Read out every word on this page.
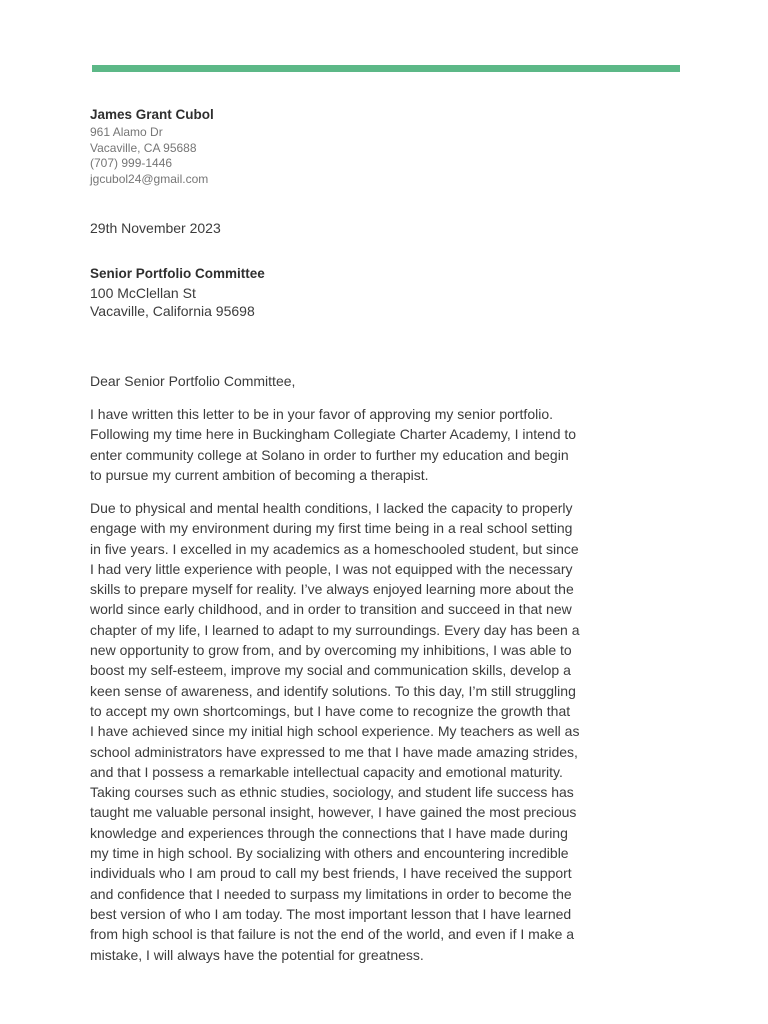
James Grant Cubol
961 Alamo Dr
Vacaville, CA 95688
(707) 999-1446
jgcubol24@gmail.com
29th November 2023
Senior Portfolio Committee
100 McClellan St
Vacaville, California 95698
Dear Senior Portfolio Committee,
I have written this letter to be in your favor of approving my senior portfolio.
Following my time here in Buckingham Collegiate Charter Academy, I intend to
enter community college at Solano in order to further my education and begin
to pursue my current ambition of becoming a therapist.
Due to physical and mental health conditions, I lacked the capacity to properly
engage with my environment during my first time being in a real school setting
in five years. I excelled in my academics as a homeschooled student, but since
I had very little experience with people, I was not equipped with the necessary
skills to prepare myself for reality. I’ve always enjoyed learning more about the
world since early childhood, and in order to transition and succeed in that new
chapter of my life, I learned to adapt to my surroundings. Every day has been a
new opportunity to grow from, and by overcoming my inhibitions, I was able to
boost my self-esteem, improve my social and communication skills, develop a
keen sense of awareness, and identify solutions. To this day, I’m still struggling
to accept my own shortcomings, but I have come to recognize the growth that
I have achieved since my initial high school experience. My teachers as well as
school administrators have expressed to me that I have made amazing strides,
and that I possess a remarkable intellectual capacity and emotional maturity.
Taking courses such as ethnic studies, sociology, and student life success has
taught me valuable personal insight, however, I have gained the most precious
knowledge and experiences through the connections that I have made during
my time in high school. By socializing with others and encountering incredible
individuals who I am proud to call my best friends, I have received the support
and confidence that I needed to surpass my limitations in order to become the
best version of who I am today. The most important lesson that I have learned
from high school is that failure is not the end of the world, and even if I make a
mistake, I will always have the potential for greatness.
